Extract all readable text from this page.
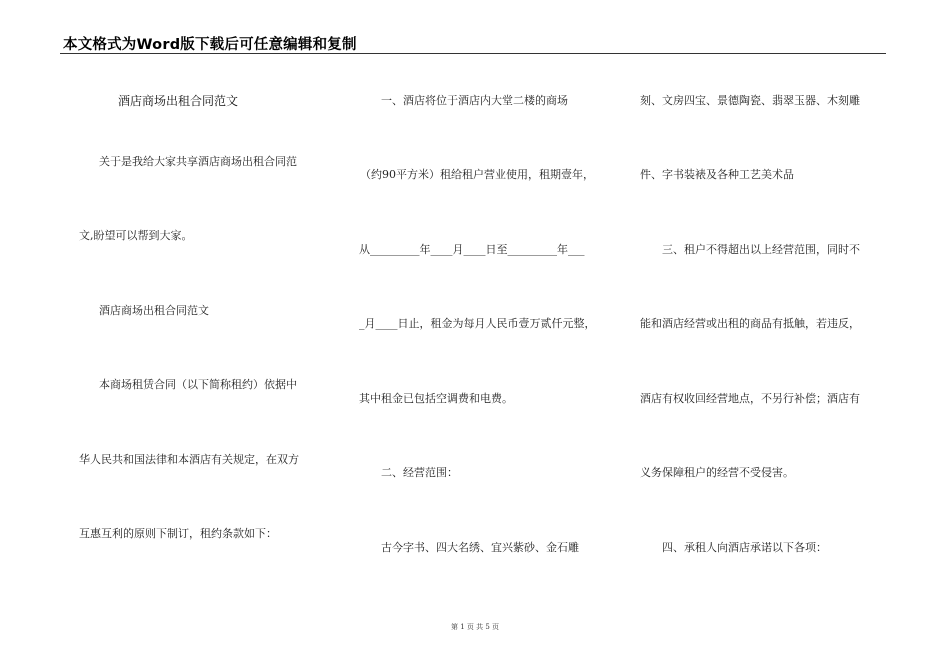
本文格式为Word版下载后可任意编辑和复制
酒店商场出租合同范文
关于是我给大家共享酒店商场出租合同范
文,盼望可以帮到大家。
酒店商场出租合同范文
本商场租赁合同（以下简称租约）依据中
华人民共和国法律和本酒店有关规定，在双方
互惠互利的原则下制订，租约条款如下：
一、酒店将位于酒店内大堂二楼的商场
（约90平方米）租给租户营业使用，租期壹年，
从_________年____月____日至_________年___
_月____日止，租金为每月人民币壹万贰仟元整，
其中租金已包括空调费和电费。
二、经营范围：
古今字书、四大名绣、宜兴紫砂、金石雕
刻、文房四宝、景德陶瓷、翡翠玉器、木刻雕
件、字书装裱及各种工艺美术品
三、租户不得超出以上经营范围，同时不
能和酒店经营或出租的商品有抵触，若违反，
酒店有权收回经营地点，不另行补偿；酒店有
义务保障租户的经营不受侵害。
四、承租人向酒店承诺以下各项：
第 1 页 共 5 页
